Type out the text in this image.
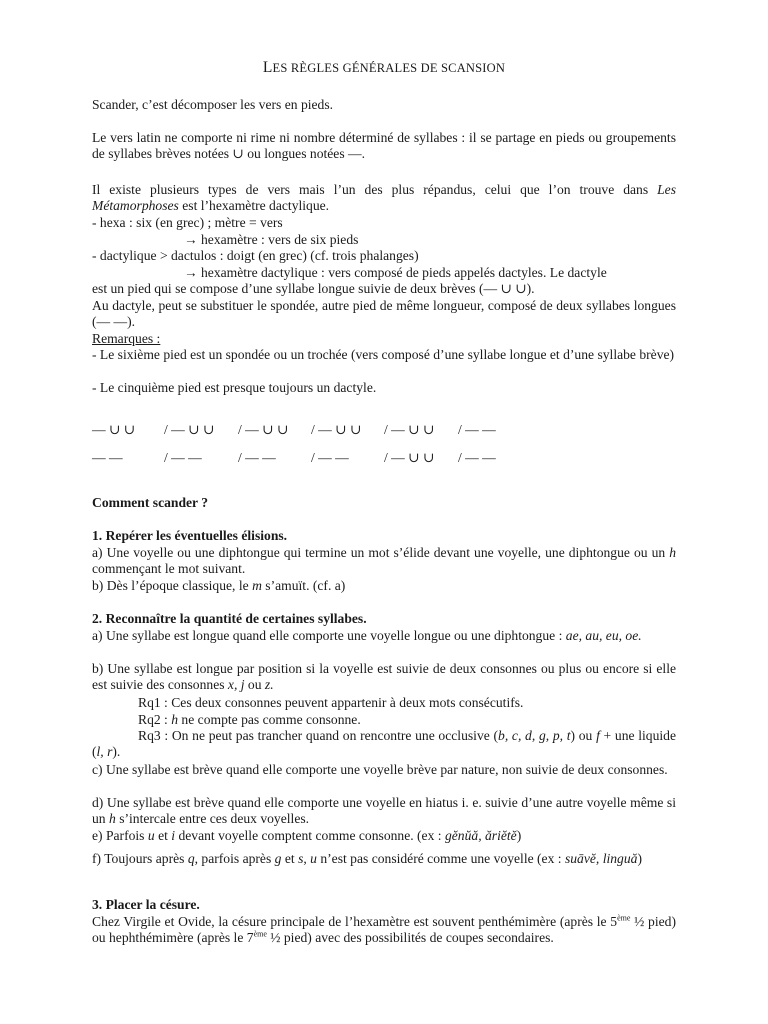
LES RÈGLES GÉNÉRALES DE SCANSION
Scander, c’est décomposer les vers en pieds.
Le vers latin ne comporte ni rime ni nombre déterminé de syllabes : il se partage en pieds ou groupements de syllabes brèves notées ∪ ou longues notées —.
Il existe plusieurs types de vers mais l’un des plus répandus, celui que l’on trouve dans Les Métamorphoses est l’hexamètre dactylique.
- hexa : six (en grec) ; mètre = vers
→ hexamètre : vers de six pieds
- dactylique > dactulos : doigt (en grec) (cf. trois phalanges)
→ hexamètre dactylique : vers composé de pieds appelés dactyles. Le dactyle
est un pied qui se compose d’une syllabe longue suivie de deux brèves (— ∪ ∪).
Au dactyle, peut se substituer le spondée, autre pied de même longueur, composé de deux syllabes longues (— —).
Remarques :
- Le sixième pied est un spondée ou un trochée (vers composé d’une syllabe longue et d’une syllabe brève)
- Le cinquième pied est presque toujours un dactyle.
— ∪ ∪ / — ∪ ∪ / — ∪ ∪ / — ∪ ∪ / — ∪ ∪ / — —
— —	/ — —	/ — —	/ — —	/ — ∪ ∪ / — —
Comment scander ?
1. Repérer les éventuelles élisions.
a) Une voyelle ou une diphtongue qui termine un mot s’élide devant une voyelle, une diphtongue ou un h commençant le mot suivant.
b) Dès l’époque classique, le m s’amuït. (cf. a)
2. Reconnaître la quantité de certaines syllabes.
a) Une syllabe est longue quand elle comporte une voyelle longue ou une diphtongue : ae, au, eu, oe.
b) Une syllabe est longue par position si la voyelle est suivie de deux consonnes ou plus ou encore si elle est suivie des consonnes x, j ou z.
Rq1 : Ces deux consonnes peuvent appartenir à deux mots consécutifs.
Rq2 : h ne compte pas comme consonne.
Rq3 : On ne peut pas trancher quand on rencontre une occlusive (b, c, d, g, p, t) ou f + une liquide (l, r).
c) Une syllabe est brève quand elle comporte une voyelle brève par nature, non suivie de deux consonnes.
d) Une syllabe est brève quand elle comporte une voyelle en hiatus i. e. suivie d’une autre voyelle même si un h s’intercale entre ces deux voyelles.
e) Parfois u et i devant voyelle comptent comme consonne. (ex : gĕnŭă, ăriĕtĕ)
f) Toujours après q, parfois après g et s, u n’est pas considéré comme une voyelle (ex : suāvĕ, linguă)
3. Placer la césure.
Chez Virgile et Ovide, la césure principale de l’hexamètre est souvent penthémimère (après le 5ème ½ pied) ou hephthémimère (après le 7ème ½ pied) avec des possibilités de coupes secondaires.
